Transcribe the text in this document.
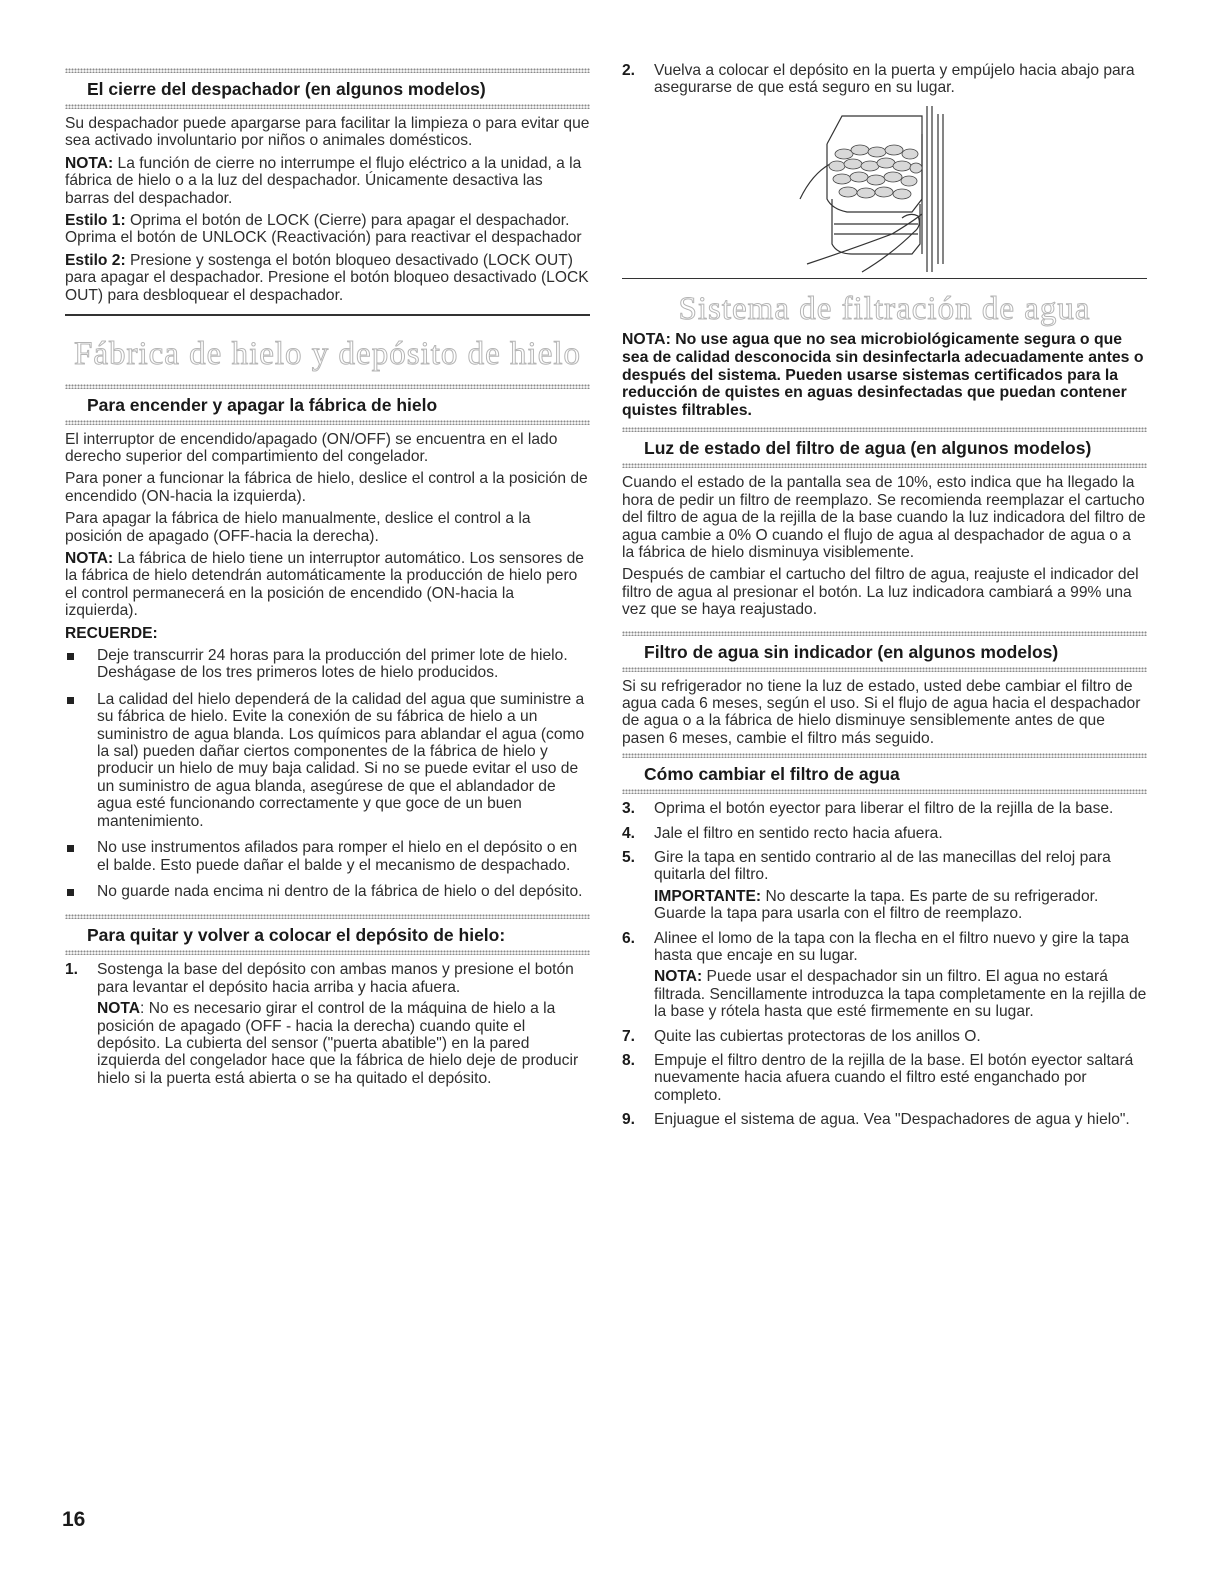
El cierre del despachador (en algunos modelos)

Su despachador puede apargarse para facilitar la limpieza o para evitar que sea activado involuntario por niños o animales domésticos.

NOTA: La función de cierre no interrumpe el flujo eléctrico a la unidad, a la fábrica de hielo o a la luz del despachador. Únicamente desactiva las barras del despachador.

Estilo 1: Oprima el botón de LOCK (Cierre) para apagar el despachador. Oprima el botón de UNLOCK (Reactivación) para reactivar el despachador

Estilo 2: Presione y sostenga el botón bloqueo desactivado (LOCK OUT) para apagar el despachador. Presione el botón bloqueo desactivado (LOCK OUT) para desbloquear el despachador.

Fábrica de hielo y depósito de hielo
Para encender y apagar la fábrica de hielo

El interruptor de encendido/apagado (ON/OFF) se encuentra en el lado derecho superior del compartimiento del congelador.

Para poner a funcionar la fábrica de hielo, deslice el control a la posición de encendido (ON-hacia la izquierda).

Para apagar la fábrica de hielo manualmente, deslice el control a la posición de apagado (OFF-hacia la derecha).

NOTA: La fábrica de hielo tiene un interruptor automático. Los sensores de la fábrica de hielo detendrán automáticamente la producción de hielo pero el control permanecerá en la posición de encendido (ON-hacia la izquierda).

RECUERDE:

Deje transcurrir 24 horas para la producción del primer lote de hielo. Deshágase de los tres primeros lotes de hielo producidos.
La calidad del hielo dependerá de la calidad del agua que suministre a su fábrica de hielo. Evite la conexión de su fábrica de hielo a un suministro de agua blanda. Los químicos para ablandar el agua (como la sal) pueden dañar ciertos componentes de la fábrica de hielo y producir un hielo de muy baja calidad. Si no se puede evitar el uso de un suministro de agua blanda, asegúrese de que el ablandador de agua esté funcionando correctamente y que goce de un buen mantenimiento.
No use instrumentos afilados para romper el hielo en el depósito o en el balde. Esto puede dañar el balde y el mecanismo de despachado.
No guarde nada encima ni dentro de la fábrica de hielo o del depósito.
Para quitar y volver a colocar el depósito de hielo:
1. Sostenga la base del depósito con ambas manos y presione el botón para levantar el depósito hacia arriba y hacia afuera.

NOTA: No es necesario girar el control de la máquina de hielo a la posición de apagado (OFF - hacia la derecha) cuando quite el depósito. La cubierta del sensor ("puerta abatible") en la pared izquierda del congelador hace que la fábrica de hielo deje de producir hielo si la puerta está abierta o se ha quitado el depósito.

2. Vuelva a colocar el depósito en la puerta y empújelo hacia abajo para asegurarse de que está seguro en su lugar.
Sistema de filtración de agua

NOTA: No use agua que no sea microbiológicamente segura o que sea de calidad desconocida sin desinfectarla adecuadamente antes o después del sistema. Pueden usarse sistemas certificados para la reducción de quistes en aguas desinfectadas que puedan contener quistes filtrables.

Luz de estado del filtro de agua (en algunos modelos)

Cuando el estado de la pantalla sea de 10%, esto indica que ha llegado la hora de pedir un filtro de reemplazo. Se recomienda reemplazar el cartucho del filtro de agua de la rejilla de la base cuando la luz indicadora del filtro de agua cambie a 0% O cuando el flujo de agua al despachador de agua o a la fábrica de hielo disminuya visiblemente.

Después de cambiar el cartucho del filtro de agua, reajuste el indicador del filtro de agua al presionar el botón. La luz indicadora cambiará a 99% una vez que se haya reajustado.

Filtro de agua sin indicador (en algunos modelos)

Si su refrigerador no tiene la luz de estado, usted debe cambiar el filtro de agua cada 6 meses, según el uso. Si el flujo de agua hacia el despachador de agua o a la fábrica de hielo disminuye sensiblemente antes de que pasen 6 meses, cambie el filtro más seguido.

Cómo cambiar el filtro de agua
3. Oprima el botón eyector para liberar el filtro de la rejilla de la base.
4. Jale el filtro en sentido recto hacia afuera.
5. Gire la tapa en sentido contrario al de las manecillas del reloj para quitarla del filtro.

IMPORTANTE: No descarte la tapa. Es parte de su refrigerador. Guarde la tapa para usarla con el filtro de reemplazo.

6. Alinee el lomo de la tapa con la flecha en el filtro nuevo y gire la tapa hasta que encaje en su lugar.

NOTA: Puede usar el despachador sin un filtro. El agua no estará filtrada. Sencillamente introduzca la tapa completamente en la rejilla de la base y rótela hasta que esté firmemente en su lugar.

7. Quite las cubiertas protectoras de los anillos O.
8. Empuje el filtro dentro de la rejilla de la base. El botón eyector saltará nuevamente hacia afuera cuando el filtro esté enganchado por completo.
9. Enjuague el sistema de agua. Vea "Despachadores de agua y hielo".
16
